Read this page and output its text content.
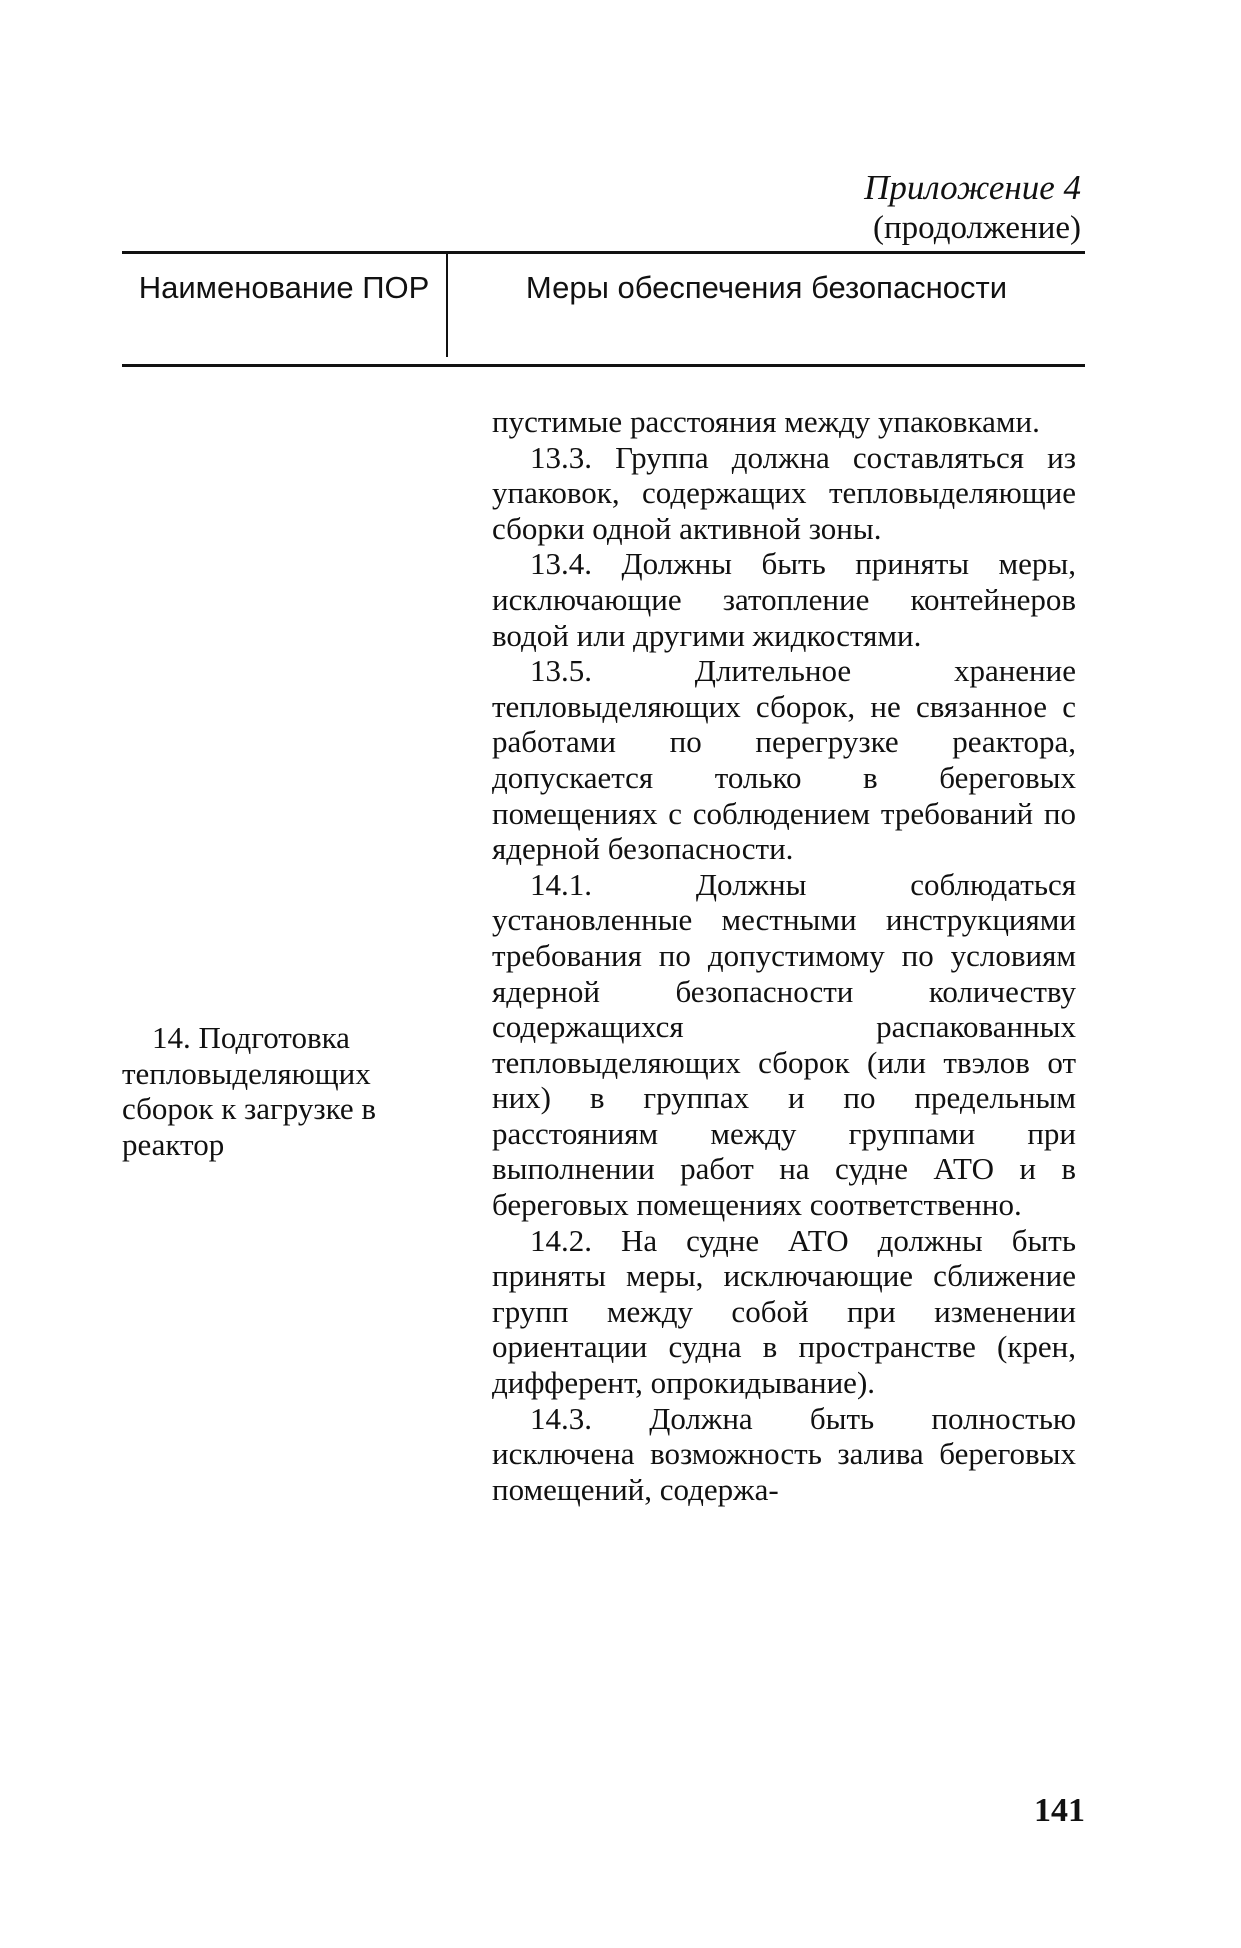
Приложение 4
(продолжение)
Наименование ПОР	Меры обеспечения безопасности

пустимые расстояния между упаковками.

13.3. Группа должна составляться из упаковок, содержащих тепловыделяющие сборки одной активной зоны.

13.4. Должны быть приняты меры, исключающие затопление контейнеров водой или другими жидкостями.

13.5. Длительное хранение тепловыделяющих сборок, не связанное с работами по перегрузке реактора, допускается только в береговых помещениях с соблюдением требований по ядерной безопасности.

14.1. Должны соблюдаться установленные местными инструкциями требования по допустимому по условиям ядерной безопасности количеству содержащихся распакованных тепловыделяющих сборок (или твэлов от них) в группах и по предельным расстояниям между группами при выполнении работ на судне АТО и в береговых помещениях соответственно.

14.2. На судне АТО должны быть приняты меры, исключающие сближение групп между собой при изменении ориентации судна в пространстве (крен, дифферент, опрокидывание).

14.3. Должна быть полностью исключена возможность залива береговых помещений, содержа-

14. Подготовка тепловыделяющих сборок к загрузке в реактор

141
